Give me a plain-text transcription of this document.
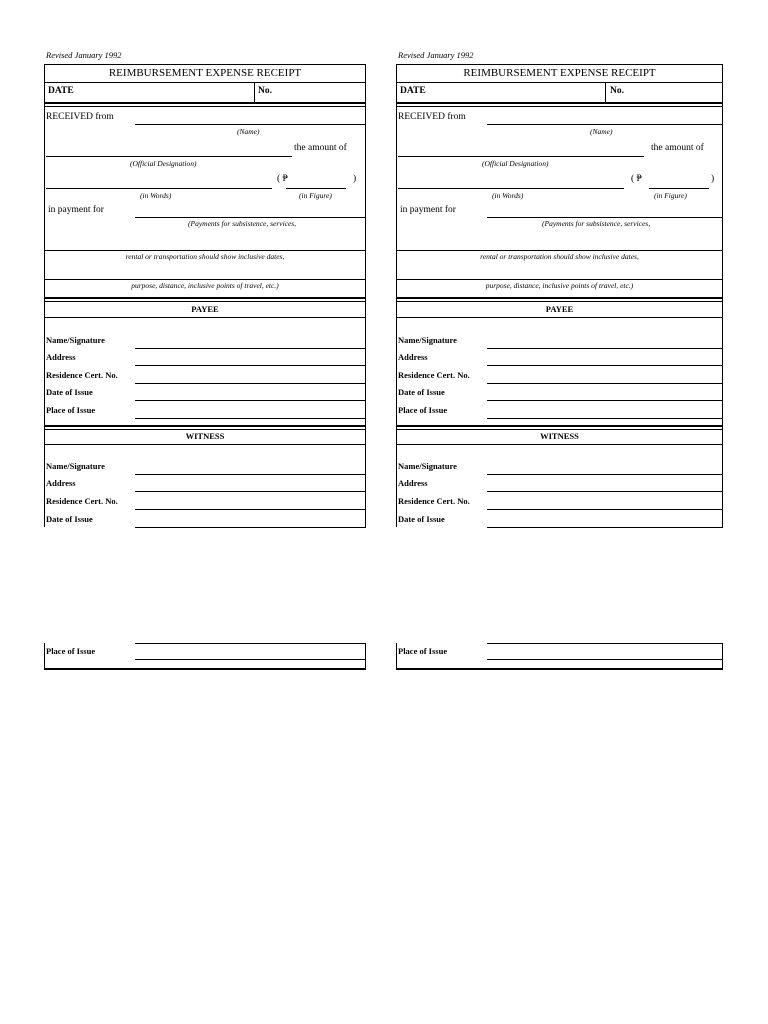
Revised January 1992
REIMBURSEMENT EXPENSE RECEIPT
DATE	No.
RECEIVED from
(Name)
the amount of
(Official Designation)
( ₱	)
(in Words)	(in Figure)
in payment for
(Payments for subsistence, services,
rental or transportation should show inclusive dates,
purpose, distance, inclusive points of travel, etc.)
PAYEE
Name/Signature
Address
Residence Cert. No.
Date of Issue
Place of Issue
WITNESS
Name/Signature
Address
Residence Cert. No.
Date of Issue
Place of Issue
Revised January 1992
REIMBURSEMENT EXPENSE RECEIPT
DATE	No.
RECEIVED from
(Name)
the amount of
(Official Designation)
( ₱	)
(in Words)	(in Figure)
in payment for
(Payments for subsistence, services,
rental or transportation should show inclusive dates,
purpose, distance, inclusive points of travel, etc.)
PAYEE
Name/Signature
Address
Residence Cert. No.
Date of Issue
Place of Issue
WITNESS
Name/Signature
Address
Residence Cert. No.
Date of Issue
Place of Issue
